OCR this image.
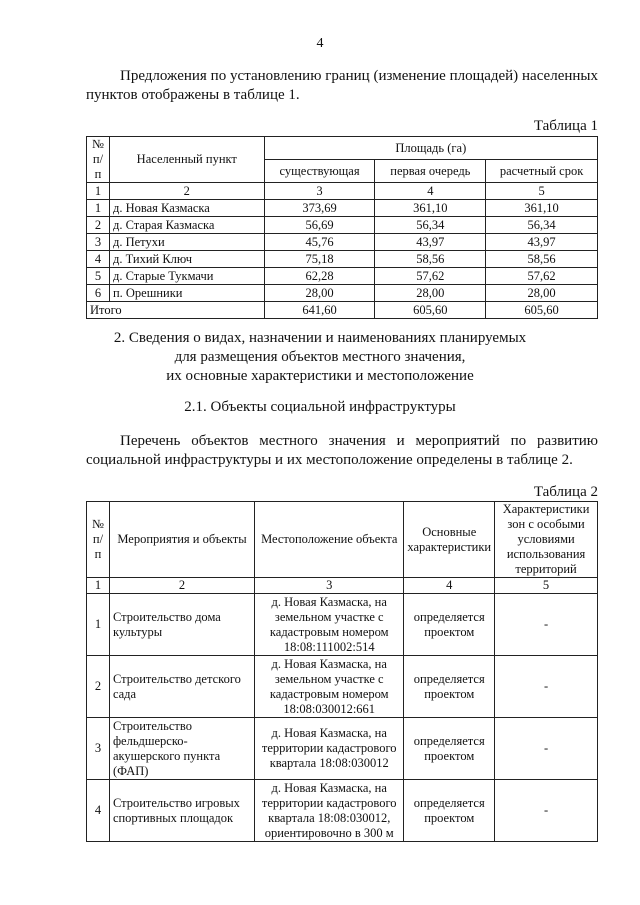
4
Предложения по установлению границ (изменение площадей) населенных
пунктов отображены в таблице 1.
Таблица 1
№ п/п	Населенный пункт	Площадь (га)		
		существующая	первая очередь	расчетный срок
1	2	3	4	5
1	д. Новая Казмаска	373,69	361,10	361,10
2	д. Старая Казмаска	56,69	56,34	56,34
3	д. Петухи	45,76	43,97	43,97
4	д. Тихий Ключ	75,18	58,56	58,56
5	д. Старые Тукмачи	62,28	57,62	57,62
6	п. Орешники	28,00	28,00	28,00
Итого		641,60	605,60	605,60
2. Сведения о видах, назначении и наименованиях планируемых
для размещения объектов местного значения,
их основные характеристики и местоположение
2.1. Объекты социальной инфраструктуры
Перечень объектов местного значения и мероприятий по развитию
социальной инфраструктуры и их местоположение определены в таблице 2.
Таблица 2
№ п/п	Мероприятия и объекты	Местоположение объекта	Основные характеристики	Характеристики зон с особыми условиями использования территорий
1	2	3	4	5
1	Строительство дома культуры	д. Новая Казмаска, на земельном участке с кадастровым номером 18:08:111002:514	определяется проектом	-
2	Строительство детского сада	д. Новая Казмаска, на земельном участке с кадастровым номером 18:08:030012:661	определяется проектом	-
3	Строительство фельдшерско-акушерского пункта (ФАП)	д. Новая Казмаска, на территории кадастрового квартала 18:08:030012	определяется проектом	-
4	Строительство игровых спортивных площадок	д. Новая Казмаска, на территории кадастрового квартала 18:08:030012, ориентировочно в 300 м	определяется проектом	-
